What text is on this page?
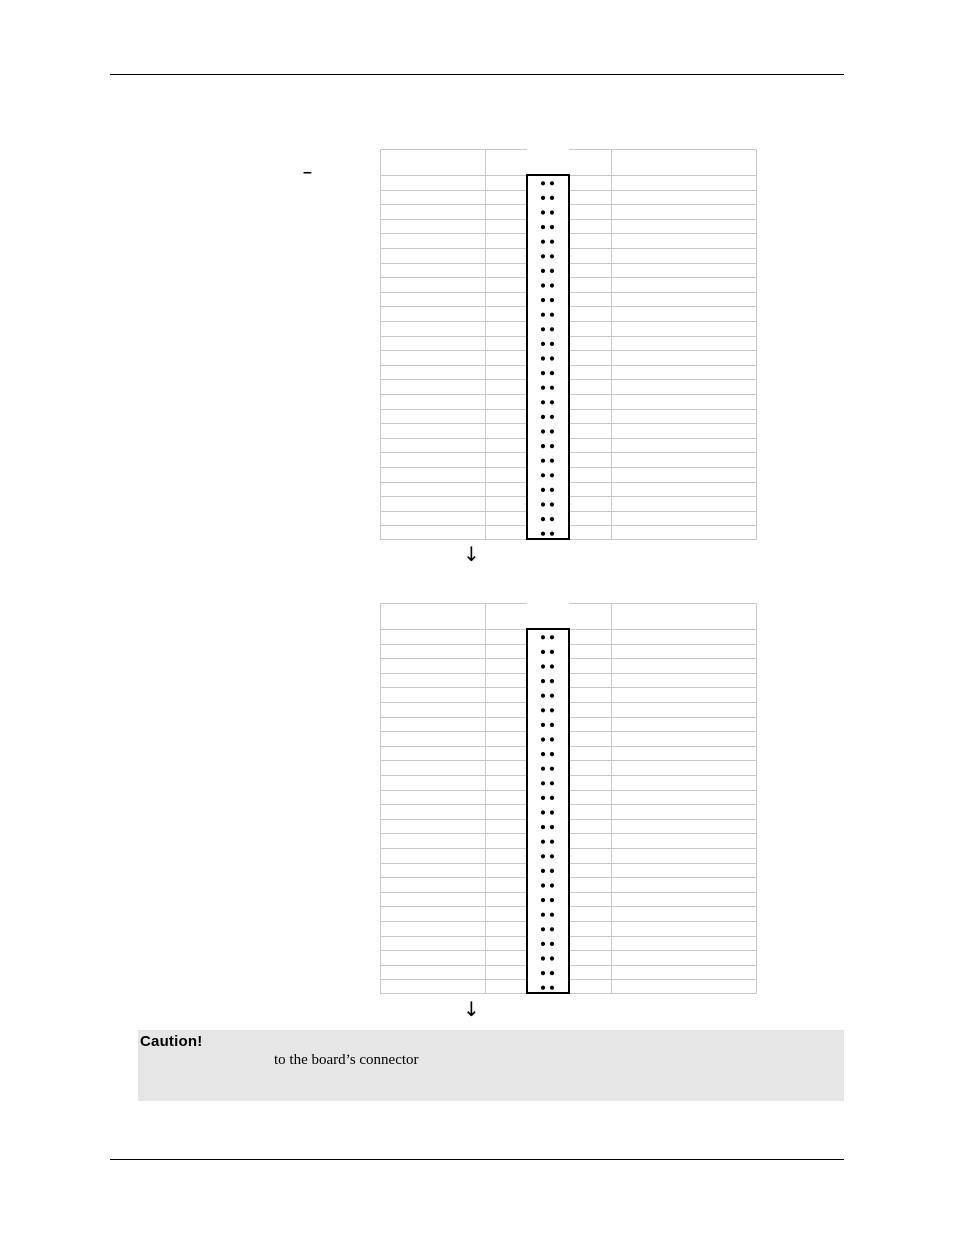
–
↓
↓
Caution!
to the board’s connector
